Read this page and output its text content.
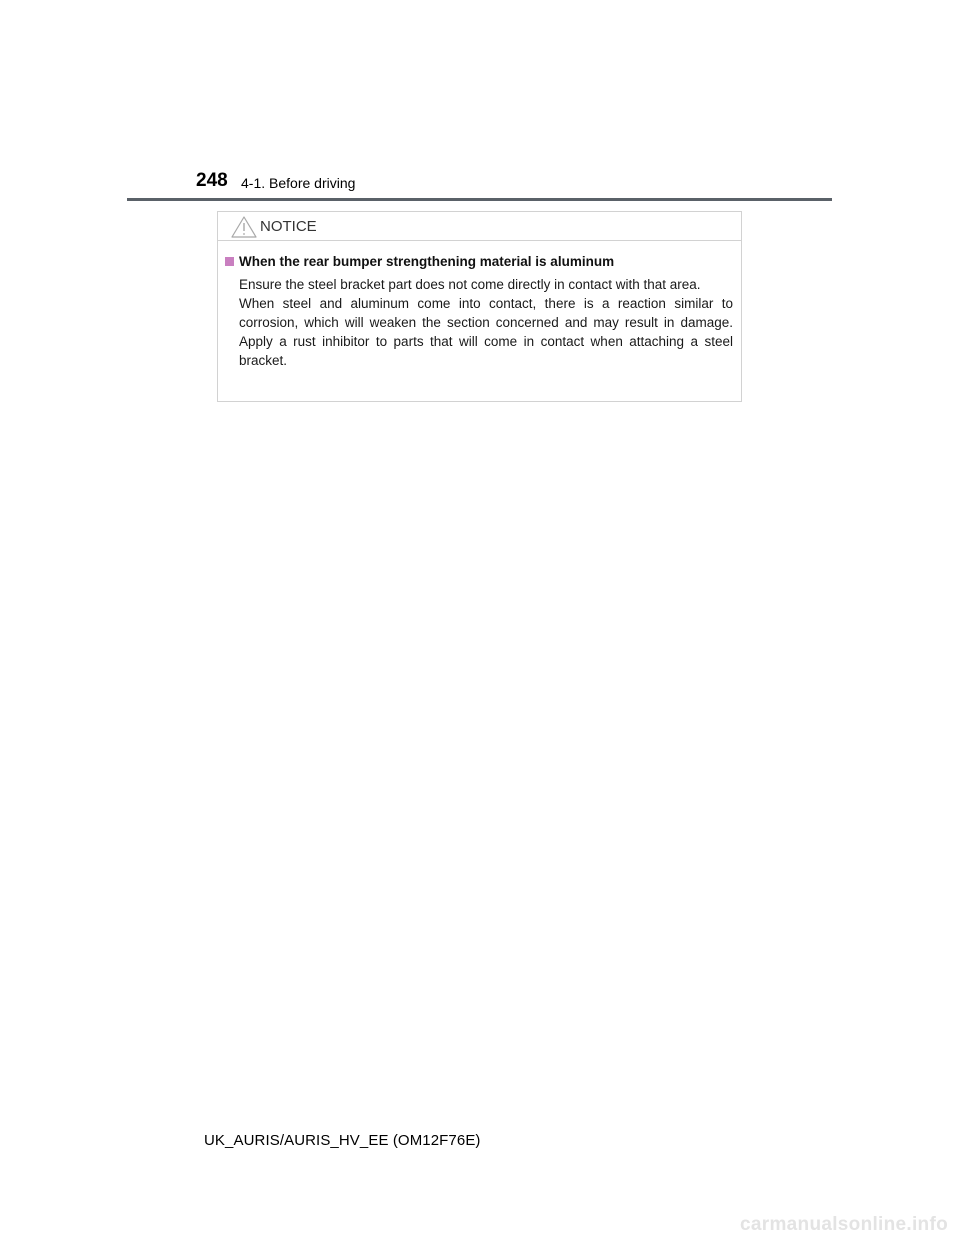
248 4-1. Before driving
NOTICE
When the rear bumper strengthening material is aluminum

Ensure the steel bracket part does not come directly in contact with that area.

When steel and aluminum come into contact, there is a reaction similar to corrosion, which will weaken the section concerned and may result in damage. Apply a rust inhibitor to parts that will come in contact when attaching a steel bracket.

UK_AURIS/AURIS_HV_EE (OM12F76E)
carmanualsonline.info
